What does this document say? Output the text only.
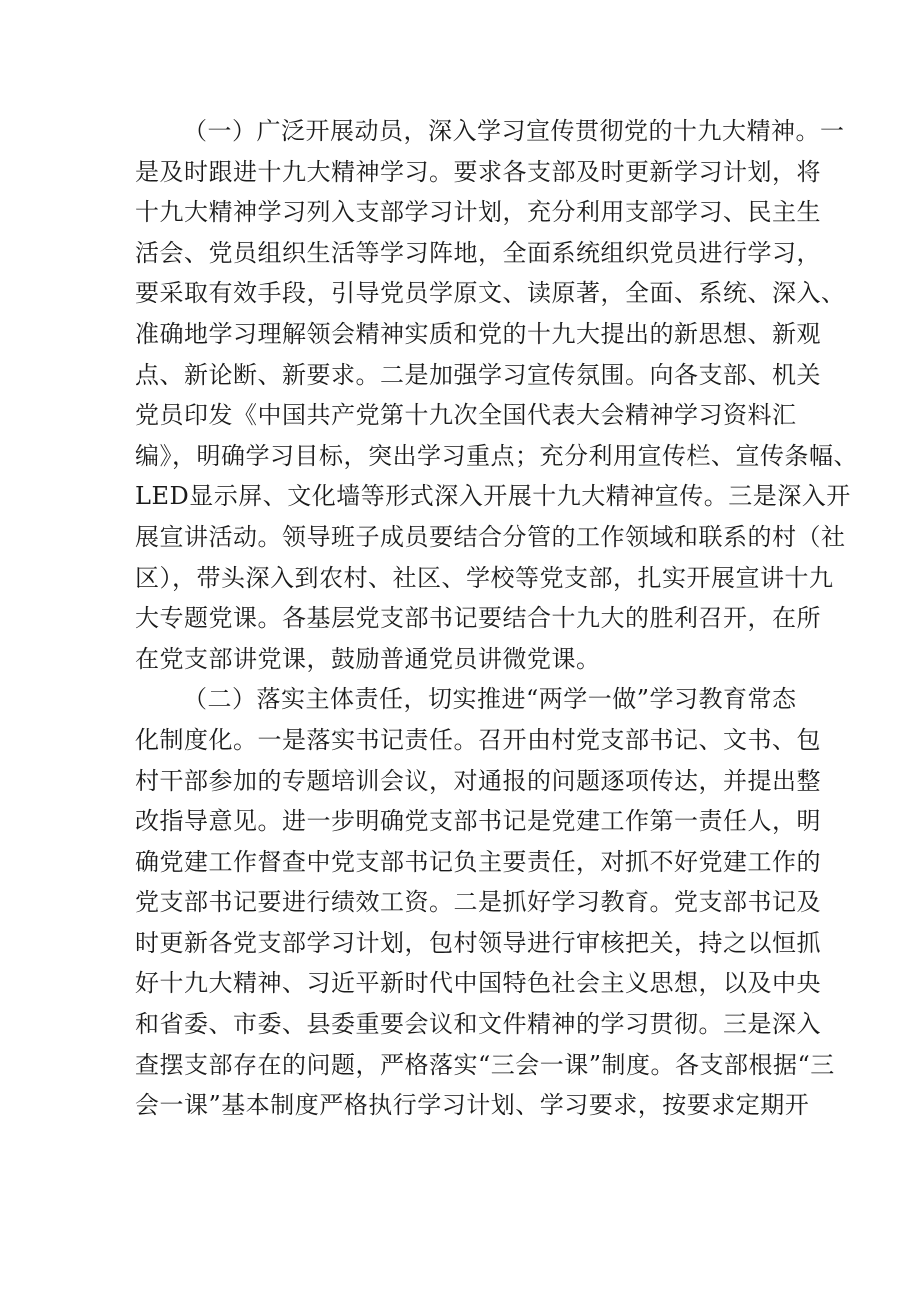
（一）广泛开展动员，深入学习宣传贯彻党的十九大精神。一
是及时跟进十九大精神学习。要求各支部及时更新学习计划，将
十九大精神学习列入支部学习计划，充分利用支部学习、民主生
活会、党员组织生活等学习阵地，全面系统组织党员进行学习，
要采取有效手段，引导党员学原文、读原著，全面、系统、深入、
准确地学习理解领会精神实质和党的十九大提出的新思想、新观
点、新论断、新要求。二是加强学习宣传氛围。向各支部、机关
党员印发《中国共产党第十九次全国代表大会精神学习资料汇
编》，明确学习目标，突出学习重点；充分利用宣传栏、宣传条幅、
LED显示屏、文化墙等形式深入开展十九大精神宣传。三是深入开
展宣讲活动。领导班子成员要结合分管的工作领域和联系的村（社
区），带头深入到农村、社区、学校等党支部，扎实开展宣讲十九
大专题党课。各基层党支部书记要结合十九大的胜利召开，在所
在党支部讲党课，鼓励普通党员讲微党课。
（二）落实主体责任，切实推进“两学一做”学习教育常态
化制度化。一是落实书记责任。召开由村党支部书记、文书、包
村干部参加的专题培训会议，对通报的问题逐项传达，并提出整
改指导意见。进一步明确党支部书记是党建工作第一责任人，明
确党建工作督查中党支部书记负主要责任，对抓不好党建工作的
党支部书记要进行绩效工资。二是抓好学习教育。党支部书记及
时更新各党支部学习计划，包村领导进行审核把关，持之以恒抓
好十九大精神、习近平新时代中国特色社会主义思想，以及中央
和省委、市委、县委重要会议和文件精神的学习贯彻。三是深入
查摆支部存在的问题，严格落实“三会一课”制度。各支部根据“三
会一课”基本制度严格执行学习计划、学习要求，按要求定期开
